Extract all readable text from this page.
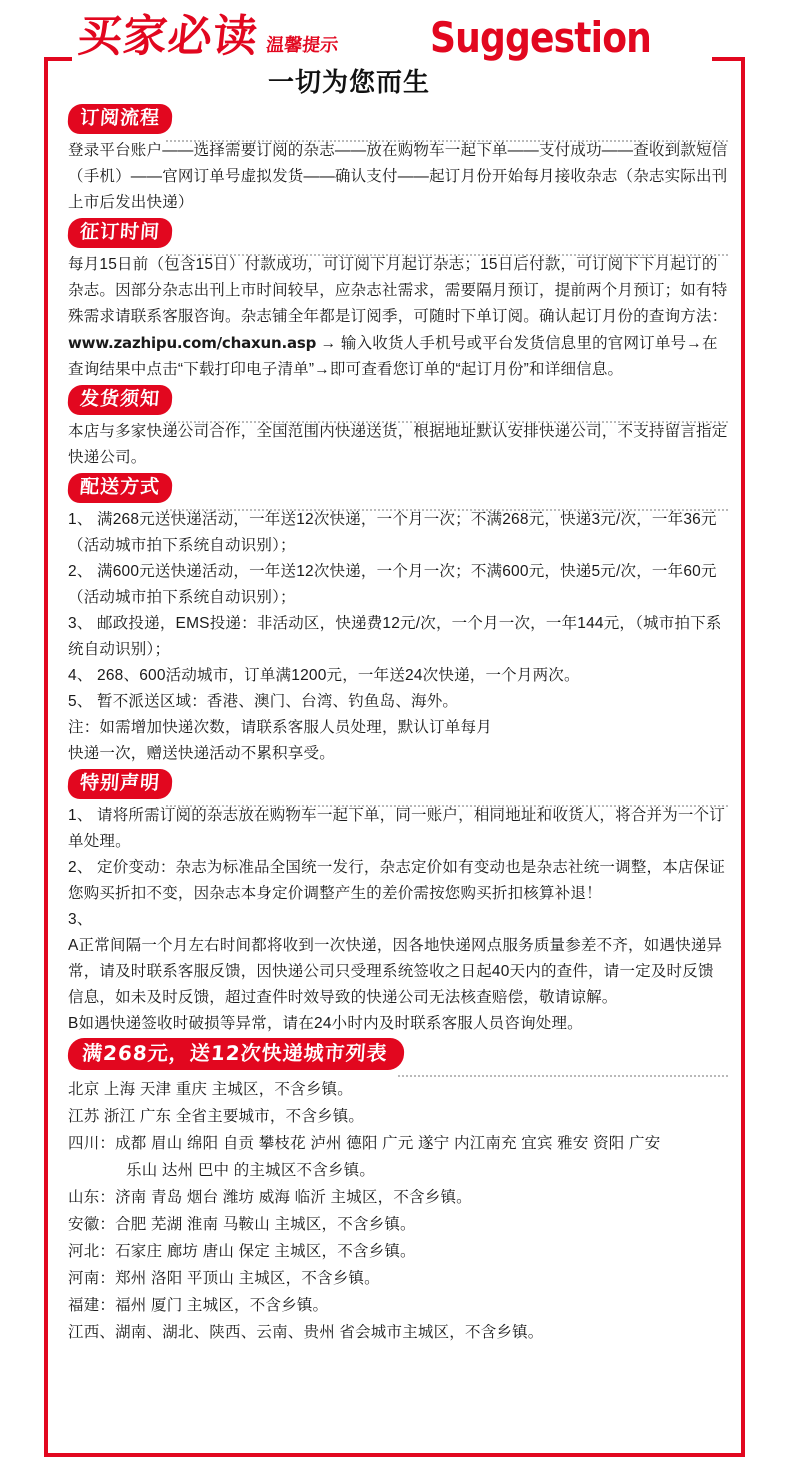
买家必读 温馨提示 Suggestion
一切为您而生
订阅流程

登录平台账户——选择需要订阅的杂志——放在购物车一起下单——支付成功——查收到款短信（手机）——官网订单号虚拟发货——确认支付——起订月份开始每月接收杂志（杂志实际出刊上市后发出快递）

征订时间

每月15日前（包含15日）付款成功，可订阅下月起订杂志；15日后付款，可订阅下下月起订的杂志。因部分杂志出刊上市时间较早，应杂志社需求，需要隔月预订，提前两个月预订；如有特殊需求请联系客服咨询。杂志铺全年都是订阅季，可随时下单订阅。确认起订月份的查询方法：

www.zazhipu.com/chaxun.asp → 输入收货人手机号或平台发货信息里的官网订单号→在查询结果中点击“下载打印电子清单”→即可查看您订单的“起订月份”和详细信息。

发货须知

本店与多家快递公司合作，全国范围内快递送货，根据地址默认安排快递公司，不支持留言指定快递公司。

配送方式

1、 满268元送快递活动，一年送12次快递，一个月一次；不满268元，快递3元/次，一年36元（活动城市拍下系统自动识别）；

2、 满600元送快递活动，一年送12次快递，一个月一次；不满600元，快递5元/次，一年60元（活动城市拍下系统自动识别）；

3、 邮政投递，EMS投递：非活动区，快递费12元/次，一个月一次，一年144元，（城市拍下系统自动识别）；

4、 268、600活动城市，订单满1200元，一年送24次快递，一个月两次。

5、 暂不派送区域：香港、澳门、台湾、钓鱼岛、海外。

注：如需增加快递次数，请联系客服人员处理，默认订单每月

快递一次，赠送快递活动不累积享受。

特别声明

1、 请将所需订阅的杂志放在购物车一起下单，同一账户，相同地址和收货人，将合并为一个订单处理。

2、 定价变动：杂志为标准品全国统一发行，杂志定价如有变动也是杂志社统一调整，本店保证您购买折扣不变，因杂志本身定价调整产生的差价需按您购买折扣核算补退！

3、

A正常间隔一个月左右时间都将收到一次快递，因各地快递网点服务质量参差不齐，如遇快递异常，请及时联系客服反馈，因快递公司只受理系统签收之日起40天内的查件，请一定及时反馈信息，如未及时反馈，超过查件时效导致的快递公司无法核查赔偿，敬请谅解。

B如遇快递签收时破损等异常，请在24小时内及时联系客服人员咨询处理。

满268元，送12次快递城市列表

北京 上海 天津 重庆 主城区，不含乡镇。

江苏 浙江 广东 全省主要城市，不含乡镇。

四川：成都 眉山 绵阳 自贡 攀枝花 泸州 德阳 广元 遂宁 内江南充 宜宾 雅安 资阳 广安
乐山 达州 巴中 的主城区不含乡镇。

山东：济南 青岛 烟台 潍坊 威海 临沂 主城区，不含乡镇。

安徽：合肥 芜湖 淮南 马鞍山 主城区，不含乡镇。

河北：石家庄 廊坊 唐山 保定 主城区，不含乡镇。

河南：郑州 洛阳 平顶山 主城区，不含乡镇。

福建：福州 厦门 主城区，不含乡镇。

江西、湖南、湖北、陕西、云南、贵州 省会城市主城区，不含乡镇。
